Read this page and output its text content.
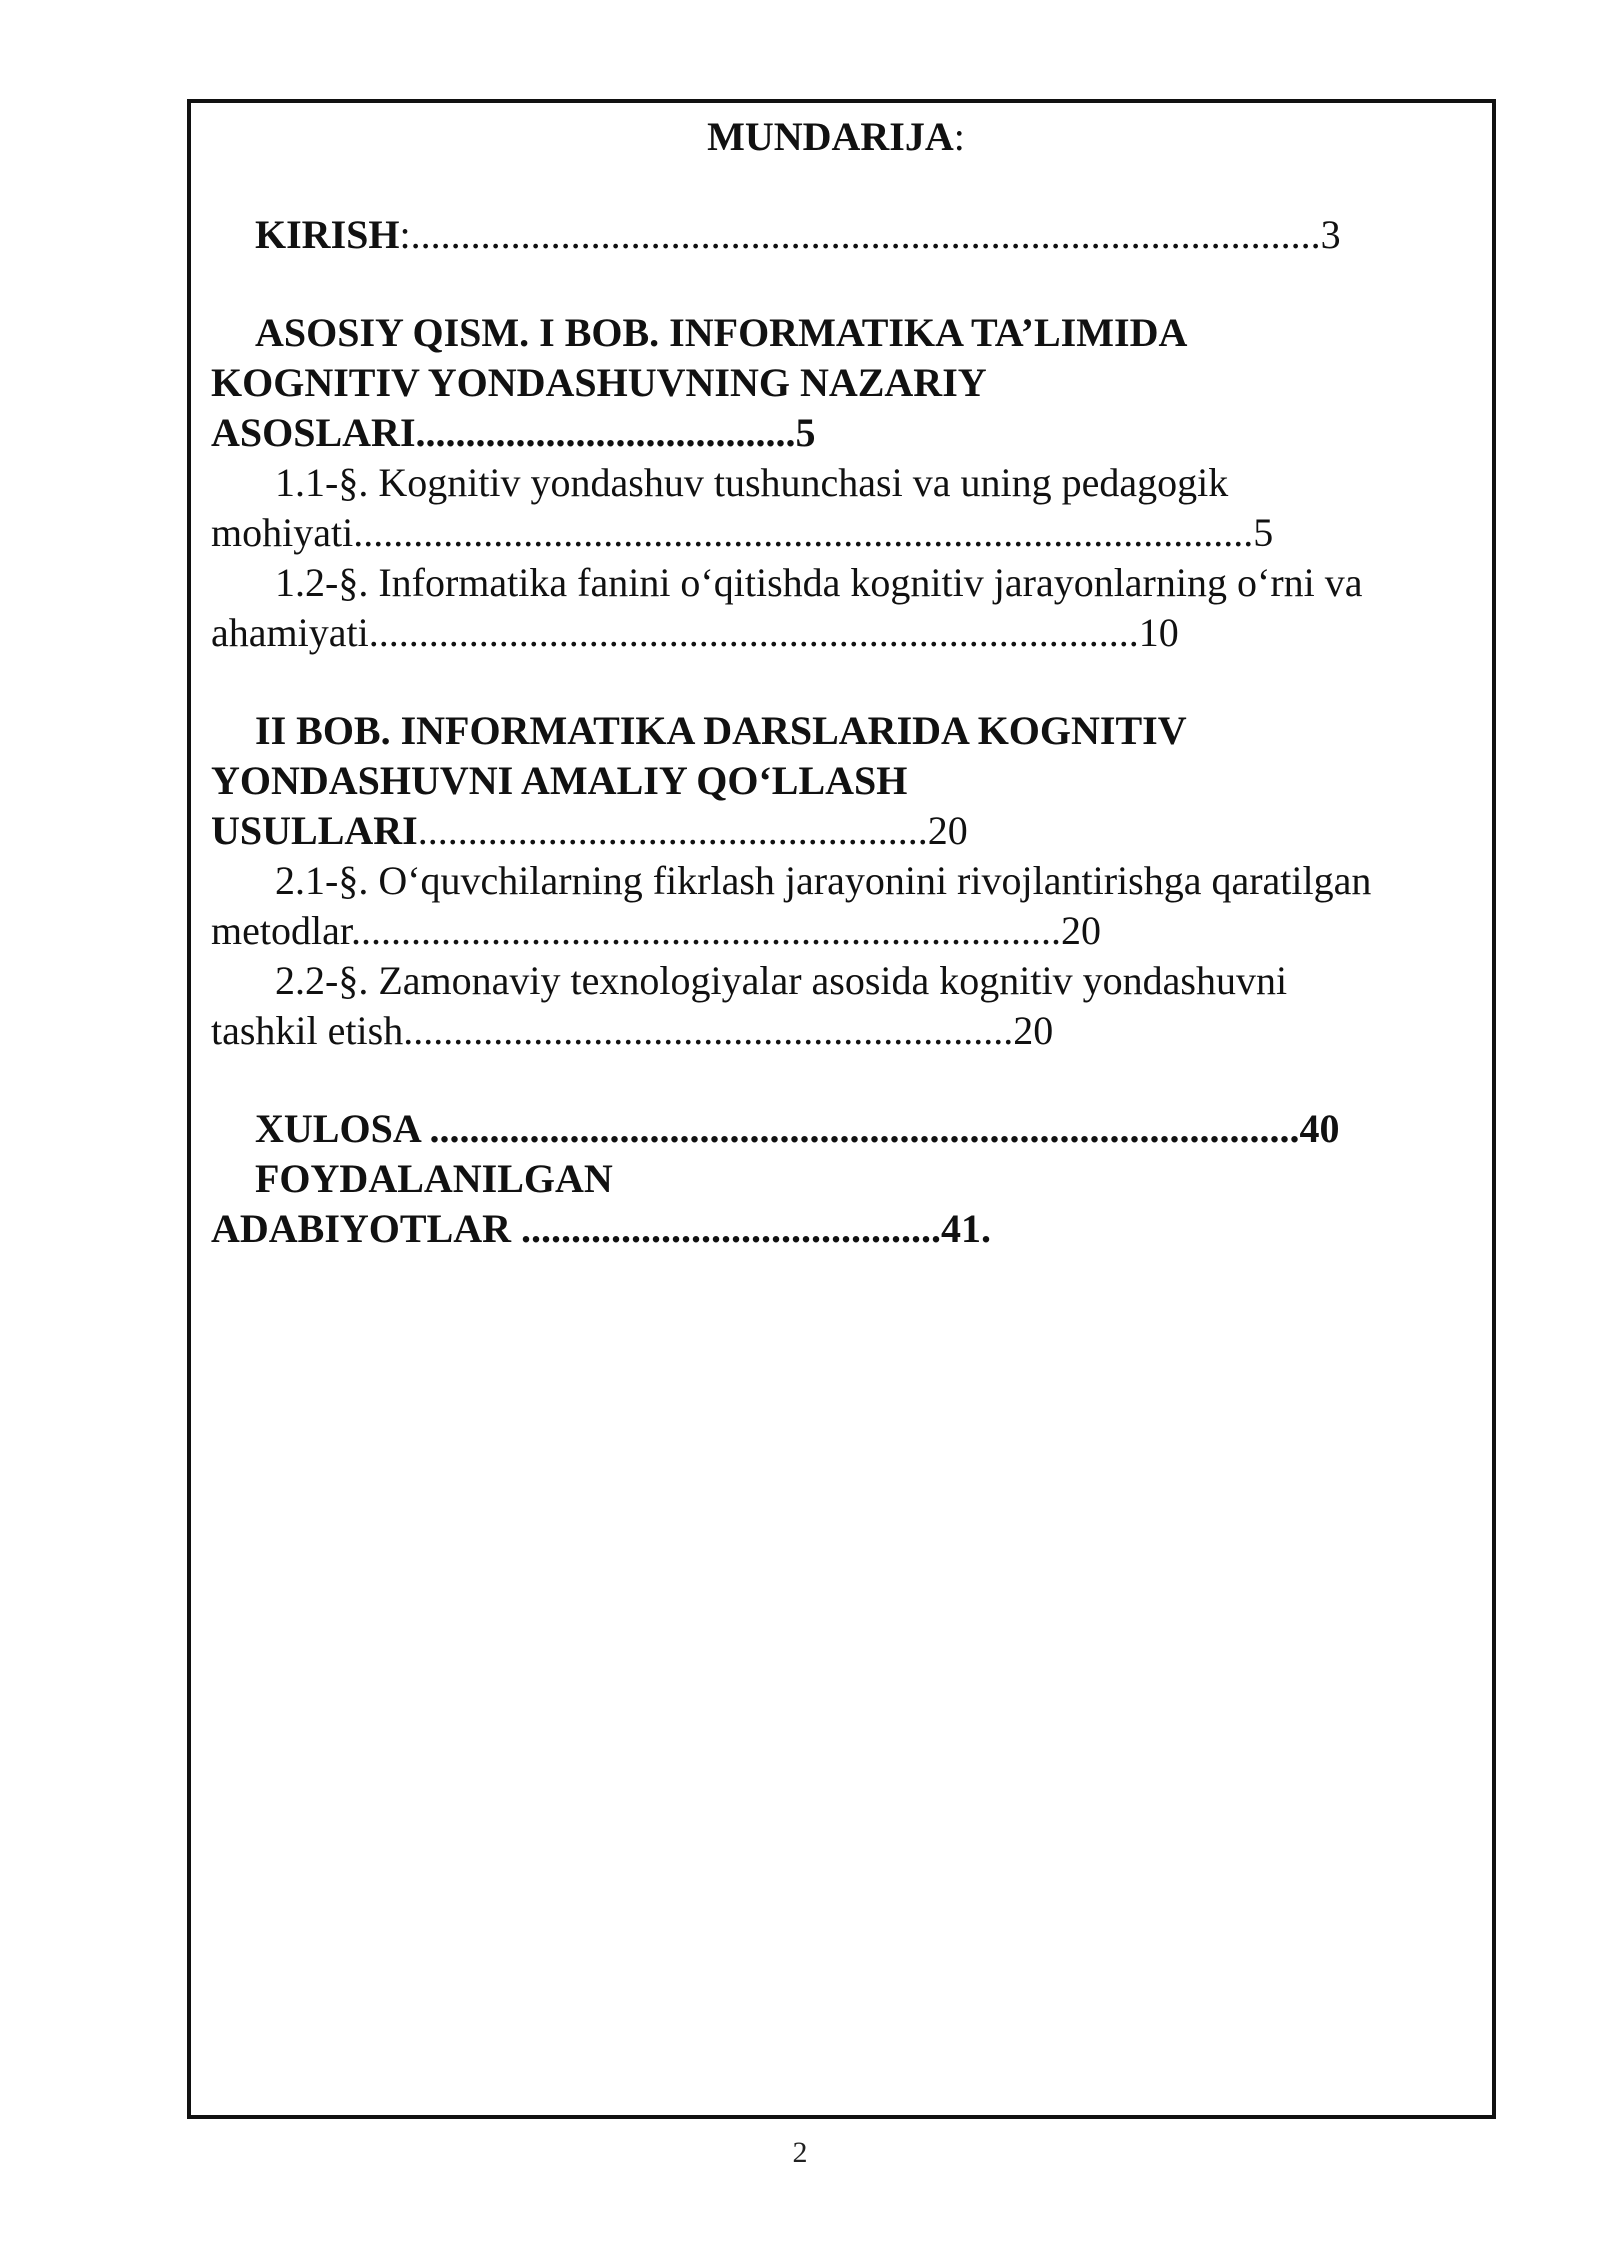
MUNDARIJA:

KIRISH:...........................................................................................3

ASOSIY QISM. I BOB. INFORMATIKA TA’LIMIDA

KOGNITIV YONDASHUVNING NAZARIY

ASOSLARI......................................5

1.1-§. Kognitiv yondashuv tushunchasi va uning pedagogik

mohiyati..........................................................................................5

1.2-§. Informatika fanini o‘qitishda kognitiv jarayonlarning o‘rni va

ahamiyati.............................................................................10

II BOB. INFORMATIKA DARSLARIDA KOGNITIV

YONDASHUVNI AMALIY QO‘LLASH

USULLARI...................................................20

2.1-§. O‘quvchilarning fikrlash jarayonini rivojlantirishga qaratilgan

metodlar.......................................................................20

2.2-§. Zamonaviy texnologiyalar asosida kognitiv yondashuvni

tashkil etish.............................................................20

XULOSA .......................................................................................40

FOYDALANILGAN

ADABIYOTLAR ..........................................41.

2
